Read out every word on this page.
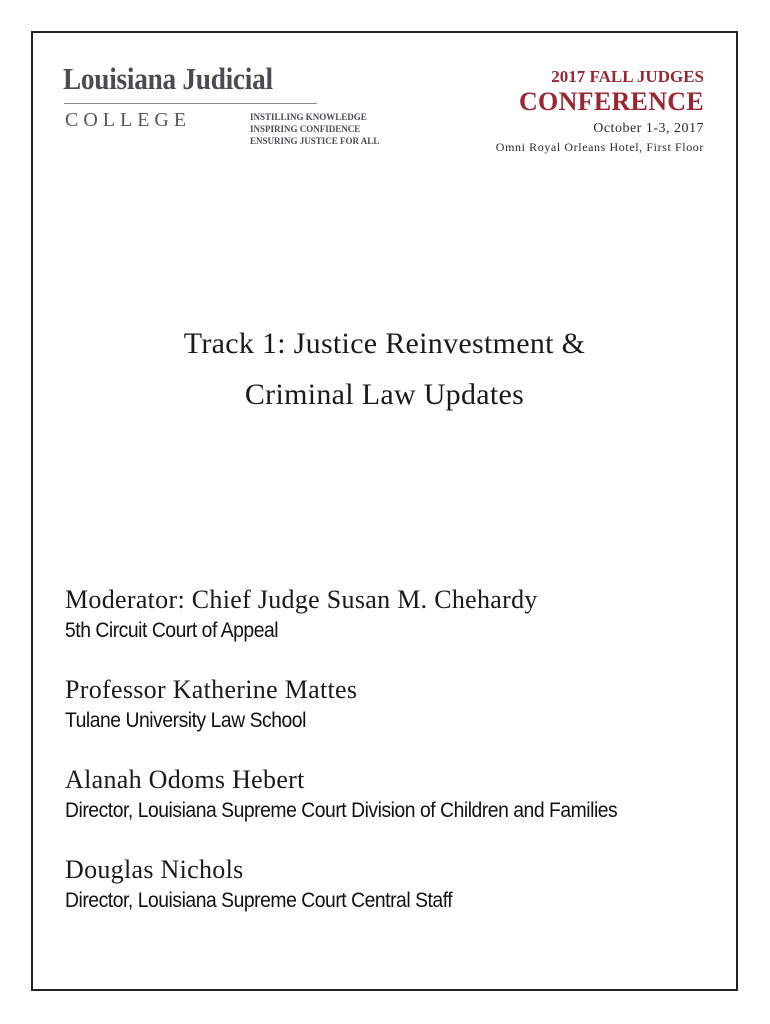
Louisiana Judicial
COLLEGE	INSTILLING KNOWLEDGE
INSPIRING CONFIDENCE
ENSURING JUSTICE FOR ALL
2017 FALL JUDGES
CONFERENCE
October 1-3, 2017
Omni Royal Orleans Hotel, First Floor
Track 1: Justice Reinvestment &
Criminal Law Updates
Moderator: Chief Judge Susan M. Chehardy
5th Circuit Court of Appeal
Professor Katherine Mattes
Tulane University Law School
Alanah Odoms Hebert
Director, Louisiana Supreme Court Division of Children and Families
Douglas Nichols
Director, Louisiana Supreme Court Central Staff
